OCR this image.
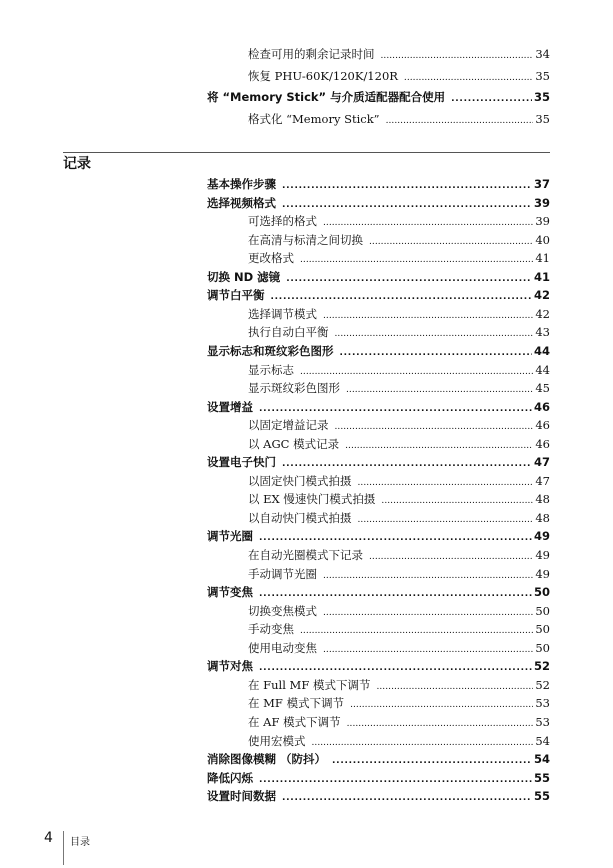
检查可用的剩余记录时间 . . .	34
恢复 PHU-60K/120K/120R . . .	35
将 “Memory Stick” 与介质适配器配合使用 . . .	35
格式化 “Memory Stick” . . .	35
记录
基本操作步骤 . . .	37
选择视频格式 . . .	39
可选择的格式 . . .	39
在高清与标清之间切换 . . .	40
更改格式 . . .	41
切换 ND 滤镜 . . .	41
调节白平衡 . . .	42
选择调节模式 . . .	42
执行自动白平衡 . . .	43
显示标志和斑纹彩色图形 . . .	44
显示标志 . . .	44
显示斑纹彩色图形 . . .	45
设置增益 . . .	46
以固定增益记录 . . .	46
以 AGC 模式记录 . . .	46
设置电子快门 . . .	47
以固定快门模式拍摄 . . .	47
以 EX 慢速快门模式拍摄 . . .	48
以自动快门模式拍摄 . . .	48
调节光圈 . . .	49
在自动光圈模式下记录 . . .	49
手动调节光圈 . . .	49
调节变焦 . . .	50
切换变焦模式 . . .	50
手动变焦 . . .	50
使用电动变焦 . . .	50
调节对焦 . . .	52
在 Full MF 模式下调节 . . .	52
在 MF 模式下调节 . . .	53
在 AF 模式下调节 . . .	53
使用宏模式 . . .	54
消除图像模糊 （防抖） . . .	54
降低闪烁 . . .	55
设置时间数据 . . .	55
4 目录
